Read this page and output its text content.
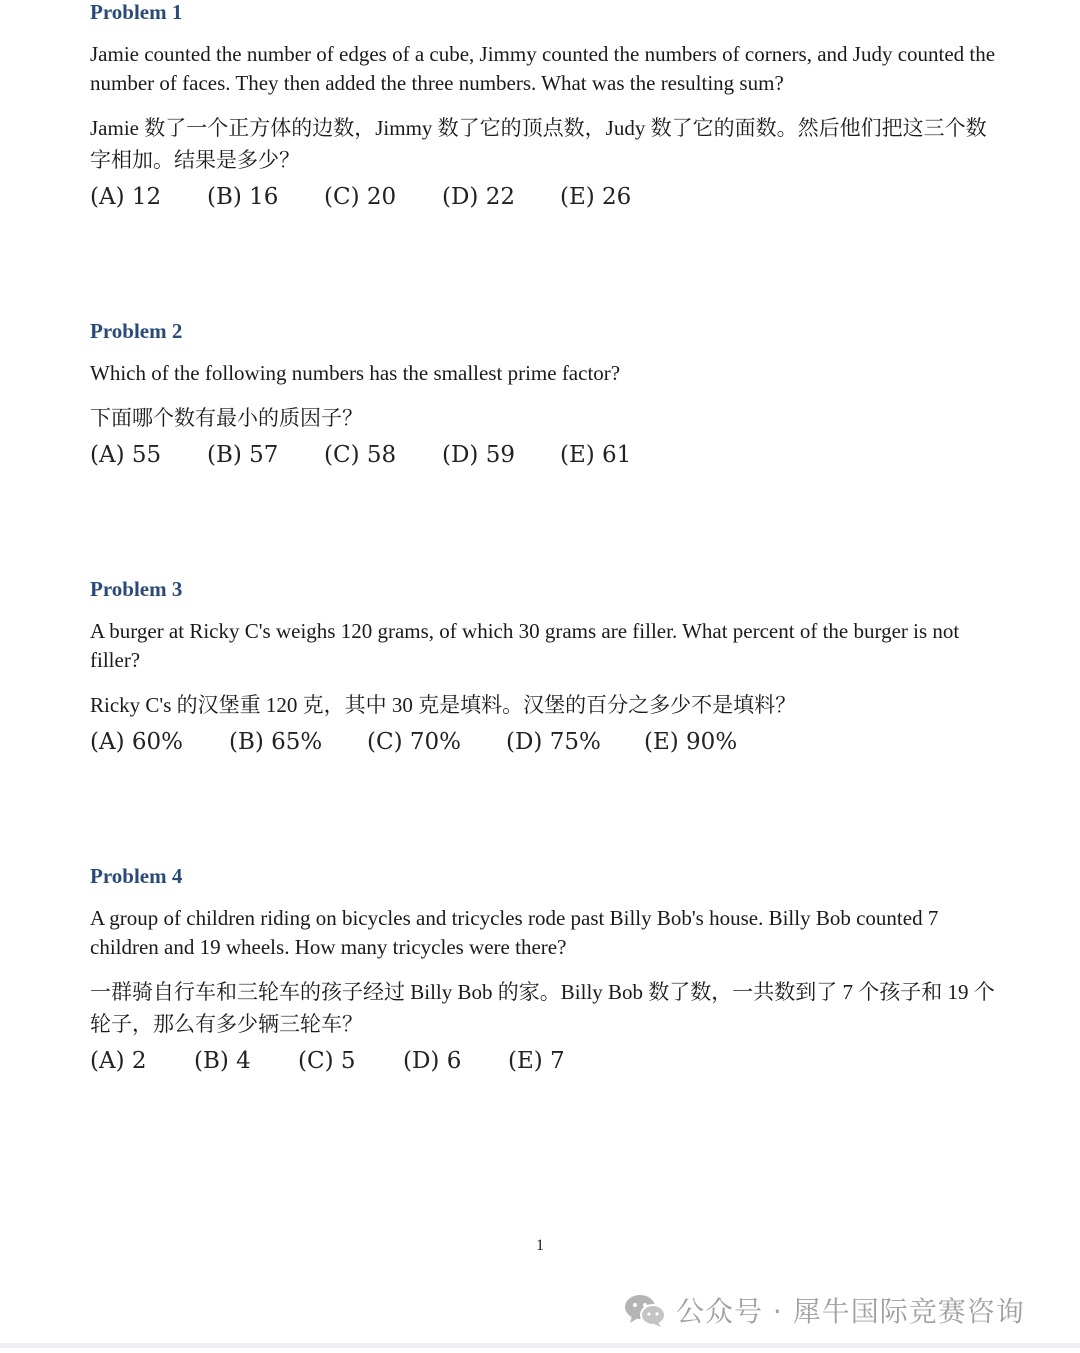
Problem 1

Jamie counted the number of edges of a cube, Jimmy counted the numbers of corners, and Judy counted the number of faces. They then added the three numbers. What was the resulting sum?

Jamie 数了一个正方体的边数，Jimmy 数了它的顶点数，Judy 数了它的面数。然后他们把这三个数字相加。结果是多少？

(A) 12	(B) 16	(C) 20	(D) 22	(E) 26
Problem 2

Which of the following numbers has the smallest prime factor?

下面哪个数有最小的质因子？

(A) 55	(B) 57	(C) 58	(D) 59	(E) 61
Problem 3

A burger at Ricky C's weighs 120 grams, of which 30 grams are filler. What percent of the burger is not filler?

Ricky C's 的汉堡重 120 克，其中 30 克是填料。汉堡的百分之多少不是填料？

(A) 60%	(B) 65%	(C) 70%	(D) 75%	(E) 90%
Problem 4

A group of children riding on bicycles and tricycles rode past Billy Bob's house. Billy Bob counted 7 children and 19 wheels. How many tricycles were there?

一群骑自行车和三轮车的孩子经过 Billy Bob 的家。Billy Bob 数了数，一共数到了 7 个孩子和 19 个轮子，那么有多少辆三轮车？

(A) 2	(B) 4	(C) 5	(D) 6	(E) 7
1
公众号 · 犀牛国际竞赛咨询
